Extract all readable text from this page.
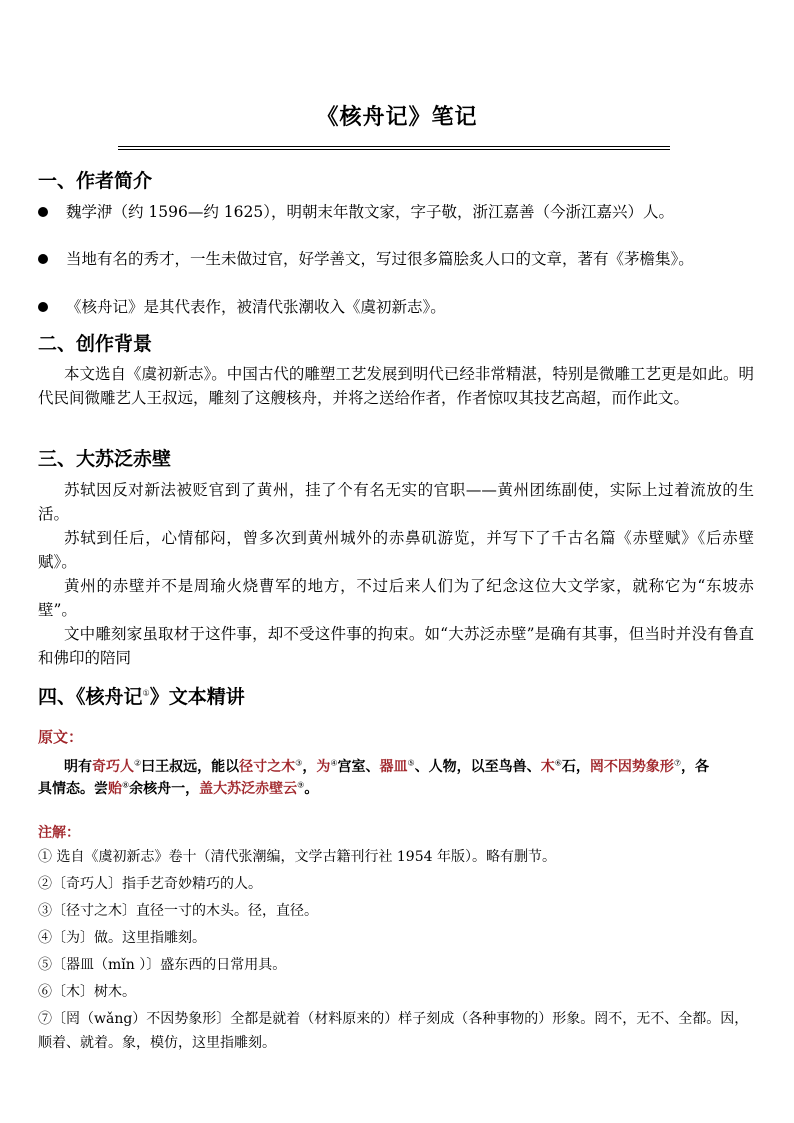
《核舟记》笔记
一、作者简介
魏学洢（约 1596—约 1625），明朝末年散文家，字子敬，浙江嘉善（今浙江嘉兴）人。
当地有名的秀才，一生未做过官，好学善文，写过很多篇脍炙人口的文章，著有《茅檐集》。
《核舟记》是其代表作，被清代张潮收入《虞初新志》。
二、创作背景
本文选自《虞初新志》。中国古代的雕塑工艺发展到明代已经非常精湛，特别是微雕工艺更是如此。明代民间微雕艺人王叔远，雕刻了这艘核舟，并将之送给作者，作者惊叹其技艺高超，而作此文。
三、大苏泛赤壁
苏轼因反对新法被贬官到了黄州，挂了个有名无实的官职——黄州团练副使，实际上过着流放的生活。
苏轼到任后，心情郁闷，曾多次到黄州城外的赤鼻矶游览，并写下了千古名篇《赤壁赋》《后赤壁赋》。
黄州的赤壁并不是周瑜火烧曹军的地方，不过后来人们为了纪念这位大文学家，就称它为“东坡赤壁”。
文中雕刻家虽取材于这件事，却不受这件事的拘束。如“大苏泛赤壁”是确有其事，但当时并没有鲁直和佛印的陪同
四、《核舟记①》文本精讲
原文：
明有奇巧人②曰王叔远，能以径寸之木③，为④宫室、器皿⑤、人物，以至鸟兽、木⑥石，罔不因势象形⑦，各具情态。尝贻⑧余核舟一，盖大苏泛赤壁云⑨。
注解：
① 选自《虞初新志》卷十（清代张潮编，文学古籍刊行社 1954 年版）。略有删节。
②〔奇巧人〕指手艺奇妙精巧的人。
③〔径寸之木〕直径一寸的木头。径，直径。
④〔为〕做。这里指雕刻。
⑤〔器皿（mǐn ）〕盛东西的日常用具。
⑥〔木〕树木。
⑦〔罔（wǎng）不因势象形〕全都是就着（材料原来的）样子刻成（各种事物的）形象。罔不，无不、全都。因，顺着、就着。象，模仿，这里指雕刻。
